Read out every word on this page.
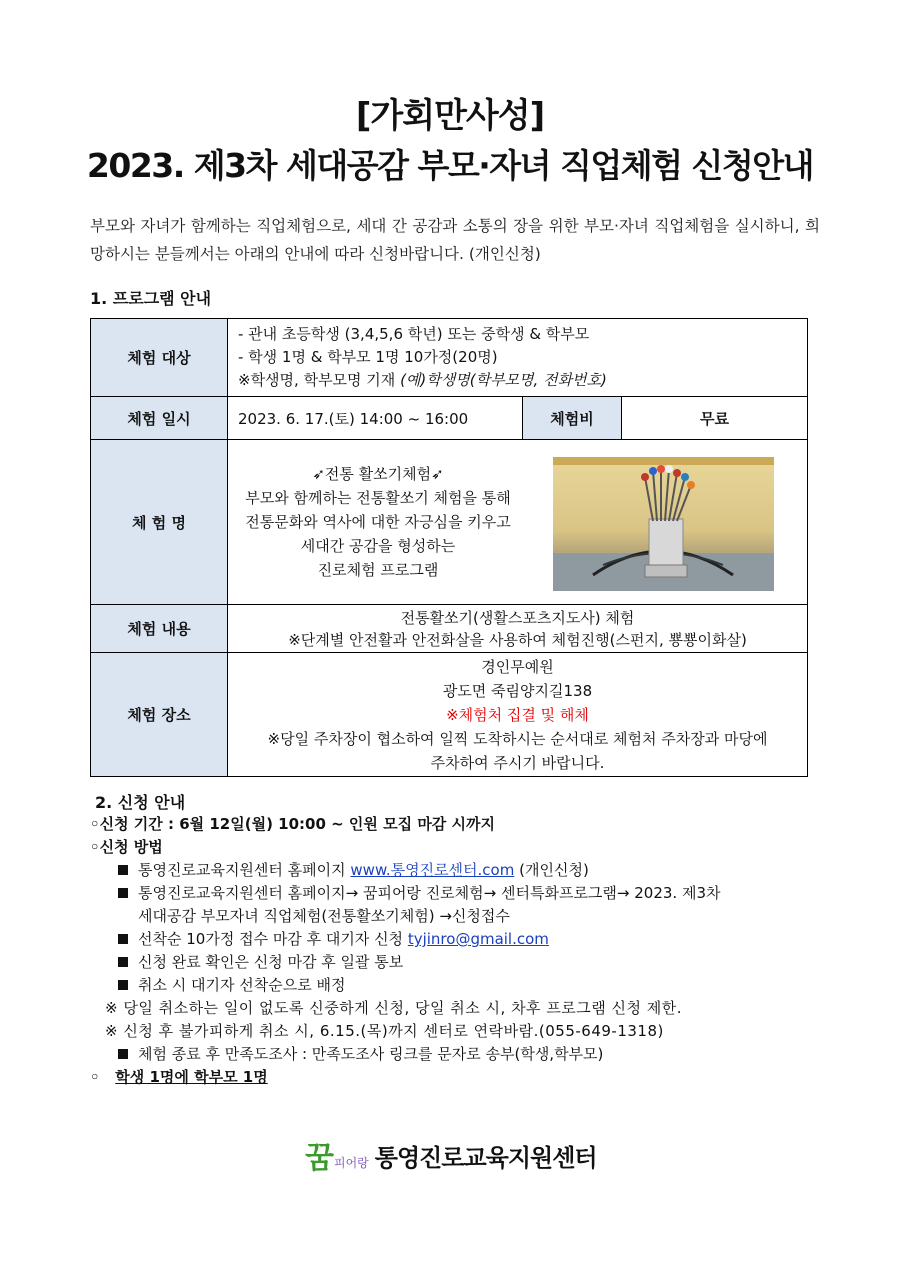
[가회만사성]
2023. 제3차 세대공감 부모·자녀 직업체험 신청안내
부모와 자녀가 함께하는 직업체험으로, 세대 간 공감과 소통의 장을 위한 부모·자녀 직업체험을 실시하니, 희망하시는 분들께서는 아래의 안내에 따라 신청바랍니다. (개인신청)
1. 프로그램 안내
체험 대상	- 관내 초등학생 (3,4,5,6 학년) 또는 중학생 & 학부모
- 학생 1명 & 학부모 1명 10가정(20명)
※학생명, 학부모명 기재 (예)학생명(학부모명, 전화번호)		

체험 일시	2023. 6. 17.(토) 14:00 ~ 16:00	체험비	무료
체 험 명	➶전통 활쏘기체험➶
부모와 함께하는 전통활쏘기 체험을 통해
전통문화와 역사에 대한 자긍심을 키우고
세대간 공감을 형성하는
진로체험 프로그램		

체험 내용	전통활쏘기(생활스포츠지도사) 체험
※단계별 안전활과 안전화살을 사용하여 체험진행(스펀지, 뿅뿅이화살)		

체험 장소	경인무예원
광도면 죽림양지길138
※체험처 집결 및 해체
※당일 주차장이 협소하여 일찍 도착하시는 순서대로 체험처 주차장과 마당에
주차하여 주시기 바랍니다.		
2. 신청 안내
◦신청 기간 : 6월 12일(월) 10:00 ~ 인원 모집 마감 시까지
◦신청 방법
통영진로교육지원센터 홈페이지 www.통영진로센터.com (개인신청)
통영진로교육지원센터 홈페이지→ 꿈피어랑 진로체험→ 센터특화프로그램→ 2023. 제3차
세대공감 부모자녀 직업체험(전통활쏘기체험) →신청접수
선착순 10가정 접수 마감 후 대기자 신청 tyjinro@gmail.com
신청 완료 확인은 신청 마감 후 일괄 통보
취소 시 대기자 선착순으로 배정
※ 당일 취소하는 일이 없도록 신중하게 신청, 당일 취소 시, 차후 프로그램 신청 제한.
※ 신청 후 불가피하게 취소 시, 6.15.(목)까지 센터로 연락바람.(055-649-1318)
체험 종료 후 만족도조사 : 만족도조사 링크를 문자로 송부(학생,학부모)
◦ 학생 1명에 학부모 1명
꿈 피어랑 통영진로교육지원센터
